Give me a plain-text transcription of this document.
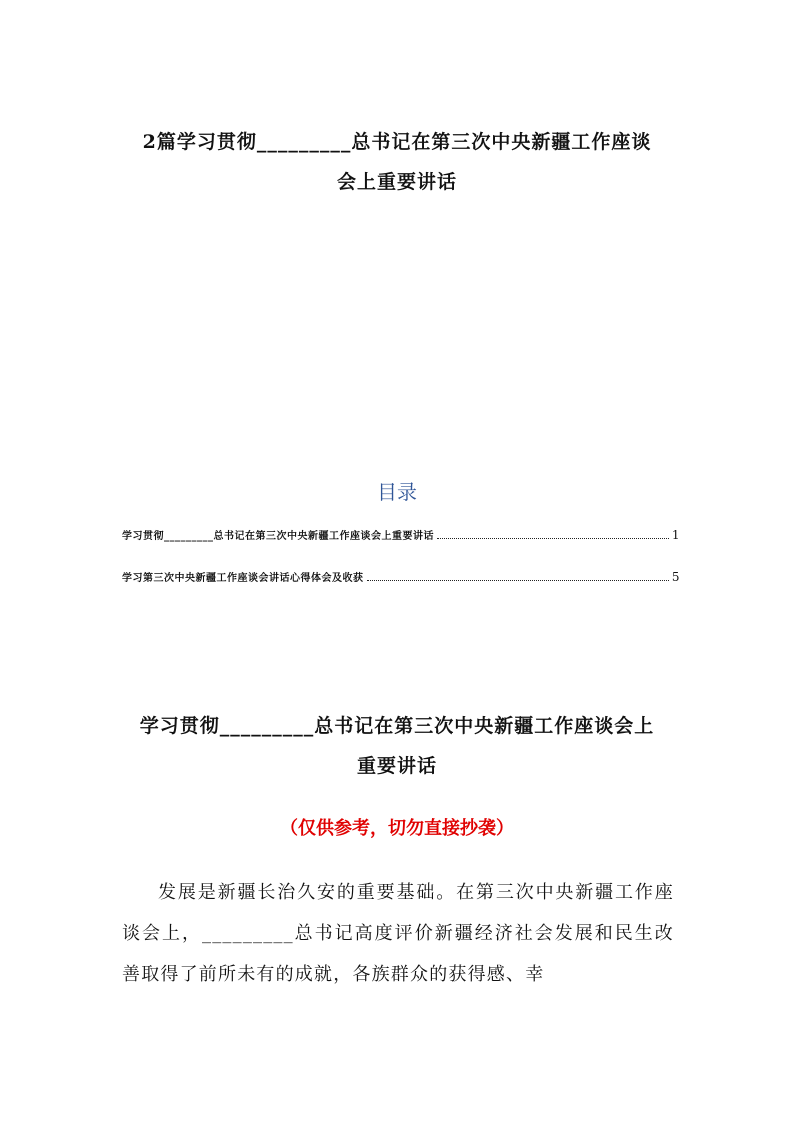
2篇学习贯彻_________总书记在第三次中央新疆工作座谈
会上重要讲话
目录
学习贯彻_________总书记在第三次中央新疆工作座谈会上重要讲话	1
学习第三次中央新疆工作座谈会讲话心得体会及收获	5
学习贯彻_________总书记在第三次中央新疆工作座谈会上
重要讲话
（仅供参考，切勿直接抄袭）
发展是新疆长治久安的重要基础。在第三次中央新疆工作座谈会上，_________总书记高度评价新疆经济社会发展和民生改善取得了前所未有的成就，各族群众的获得感、幸
